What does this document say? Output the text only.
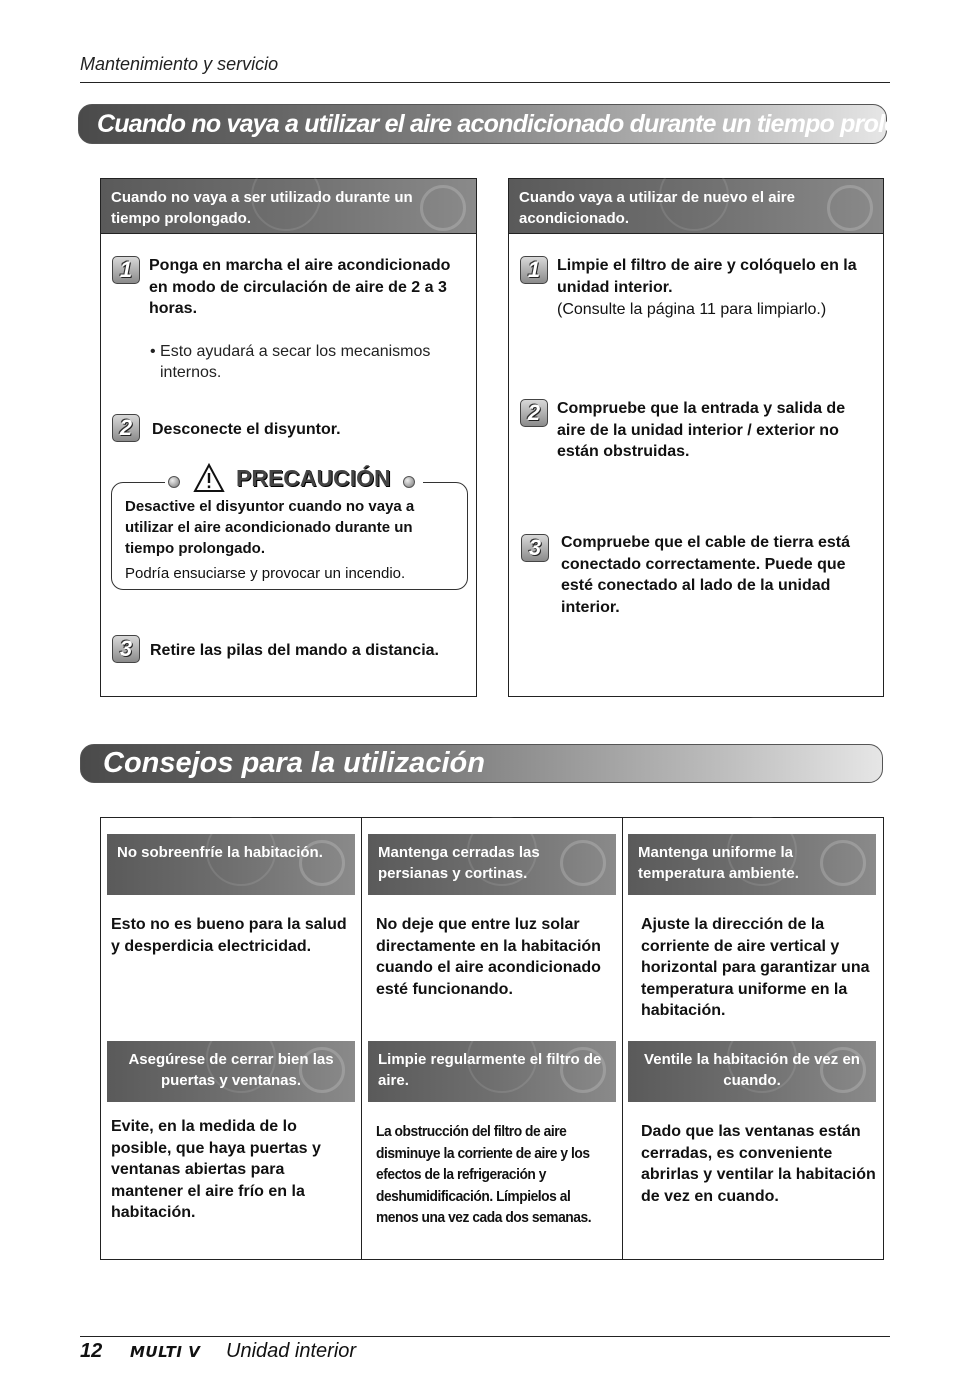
Mantenimiento y servicio
Cuando no vaya a utilizar el aire acondicionado durante un tiempo prolongado.
Cuando no vaya a ser utilizado durante un tiempo prolongado.
1	Ponga en marcha el aire acondicionado en modo de circulación de aire de 2 a 3 horas.
• Esto ayudará a secar los mecanismos internos.
2	Desconecte el disyuntor.
PRECAUCIÓN
Desactive el disyuntor cuando no vaya a utilizar el aire acondicionado durante un tiempo prolongado.
Podría ensuciarse y provocar un incendio.
3	Retire las pilas del mando a distancia.
Cuando vaya a utilizar de nuevo el aire acondicionado.
1	Limpie el filtro de aire y colóquelo en la unidad interior.
(Consulte la página 11 para limpiarlo.)
2	Compruebe que la entrada y salida de aire de la unidad interior / exterior no están obstruidas.
3	Compruebe que el cable de tierra está conectado correctamente. Puede que esté conectado al lado de la unidad interior.
Consejos para la utilización
No sobreenfríe la habitación.
Esto no es bueno para la salud y desperdicia electricidad.
Mantenga cerradas las persianas y cortinas.
No deje que entre luz solar directamente en la habitación cuando el aire acondicionado esté funcionando.
Mantenga uniforme la temperatura ambiente.
Ajuste la dirección de la corriente de aire vertical y horizontal para garantizar una temperatura uniforme en la habitación.
Asegúrese de cerrar bien las puertas y ventanas.
Evite, en la medida de lo posible, que haya puertas y ventanas abiertas para mantener el aire frío en la habitación.
Limpie regularmente el filtro de aire.
La obstrucción del filtro de aire disminuye la corriente de aire y los efectos de la refrigeración y deshumidificación. Límpielos al menos una vez cada dos semanas.
Ventile la habitación de vez en cuando.
Dado que las ventanas están cerradas, es conveniente abrirlas y ventilar la habitación de vez en cuando.
12 MULTI V Unidad interior
